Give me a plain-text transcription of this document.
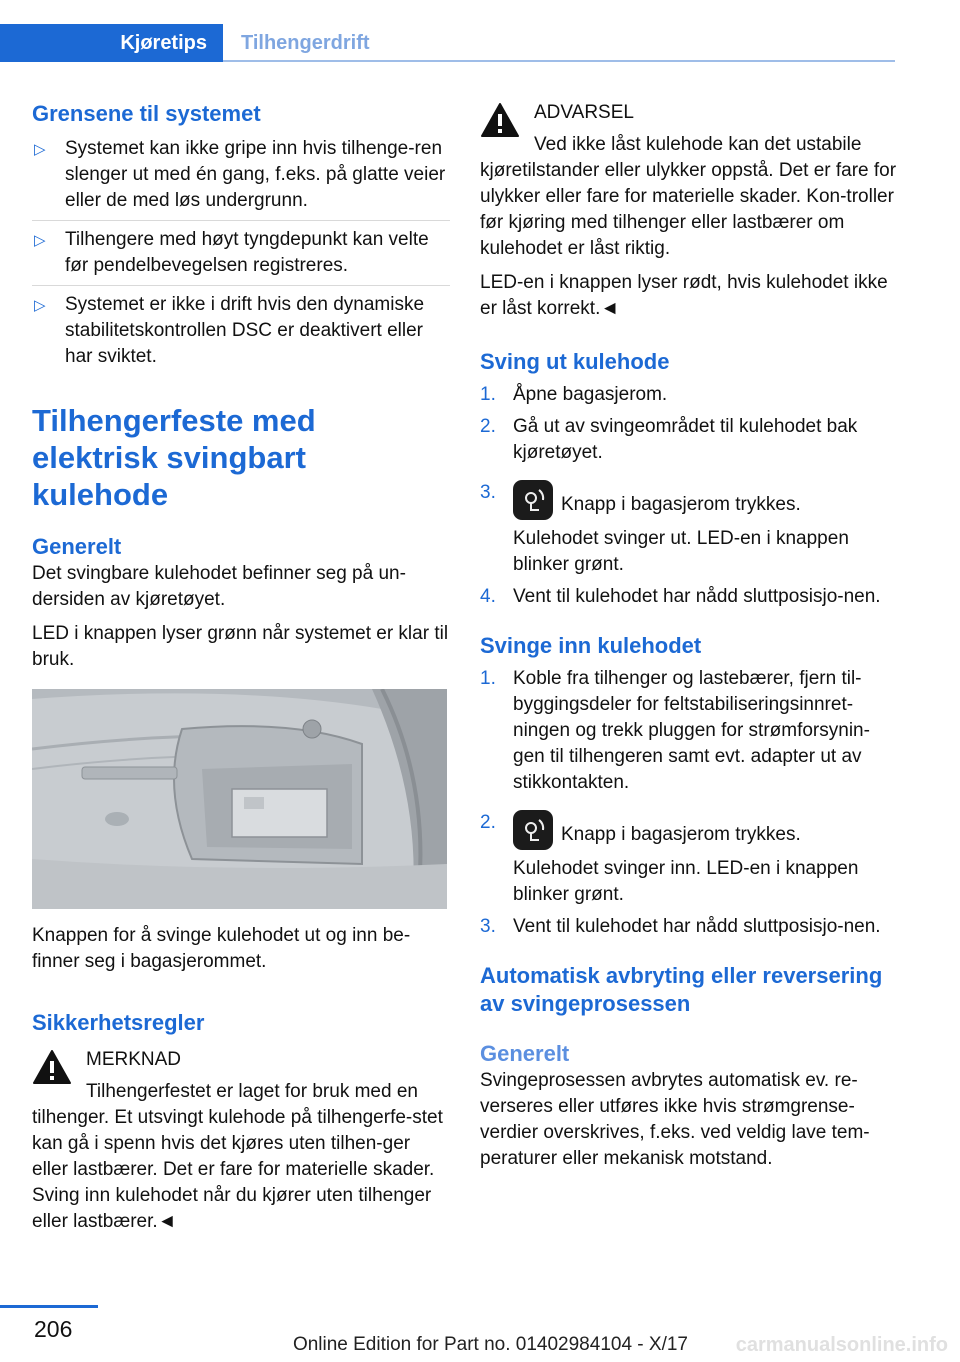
Kjøretips Tilhengerdrift
Grensene til systemet
▷ Systemet kan ikke gripe inn hvis tilhenge-ren slenger ut med én gang, f.eks. på glatte veier eller de med løs undergrunn.
▷ Tilhengere med høyt tyngdepunkt kan velte før pendelbevegelsen registreres.
▷ Systemet er ikke i drift hvis den dynamiske stabilitetskontrollen DSC er deaktivert eller har sviktet.
Tilhengerfeste med elektrisk svingbart kulehode
Generelt

Det svingbare kulehodet befinner seg på un-dersiden av kjøretøyet.

LED i knappen lyser grønn når systemet er klar til bruk.

Knappen for å svinge kulehodet ut og inn be-finner seg i bagasjerommet.

Sikkerhetsregler
MERKNAD

Tilhengerfestet er laget for bruk med en tilhenger. Et utsvingt kulehode på tilhengerfe-stet kan gå i spenn hvis det kjøres uten tilhen-ger eller lastbærer. Det er fare for materielle skader. Sving inn kulehodet når du kjører uten tilhenger eller lastbærer.◄

ADVARSEL

Ved ikke låst kulehode kan det ustabile kjøretilstander eller ulykker oppstå. Det er fare for ulykker eller fare for materielle skader. Kon-troller før kjøring med tilhenger eller lastbærer om kulehodet er låst riktig.

LED-en i knappen lyser rødt, hvis kulehodet ikke er låst korrekt.◄

Sving ut kulehode
1. Åpne bagasjerom.
2. Gå ut av svingeområdet til kulehodet bak kjøretøyet.
3.
Knapp i bagasjerom trykkes.
Kulehodet svinger ut. LED-en i knappen blinker grønt.
4. Vent til kulehodet har nådd sluttposisjo-nen.
Svinge inn kulehodet
1. Koble fra tilhenger og lastebærer, fjern til-byggingsdeler for feltstabiliseringsinnret-ningen og trekk pluggen for strømforsynin-gen til tilhengeren samt evt. adapter ut av stikkontakten.
2.
Knapp i bagasjerom trykkes.
Kulehodet svinger inn. LED-en i knappen blinker grønt.
3. Vent til kulehodet har nådd sluttposisjo-nen.
Automatisk avbryting eller reversering av svingeprosessen
Generelt

Svingeprosessen avbrytes automatisk ev. re-verseres eller utføres ikke hvis strømgrense-verdier overskrives, f.eks. ved veldig lave tem-peraturer eller mekanisk motstand.

206
Online Edition for Part no. 01402984104 - X/17 carmanualsonline.info
